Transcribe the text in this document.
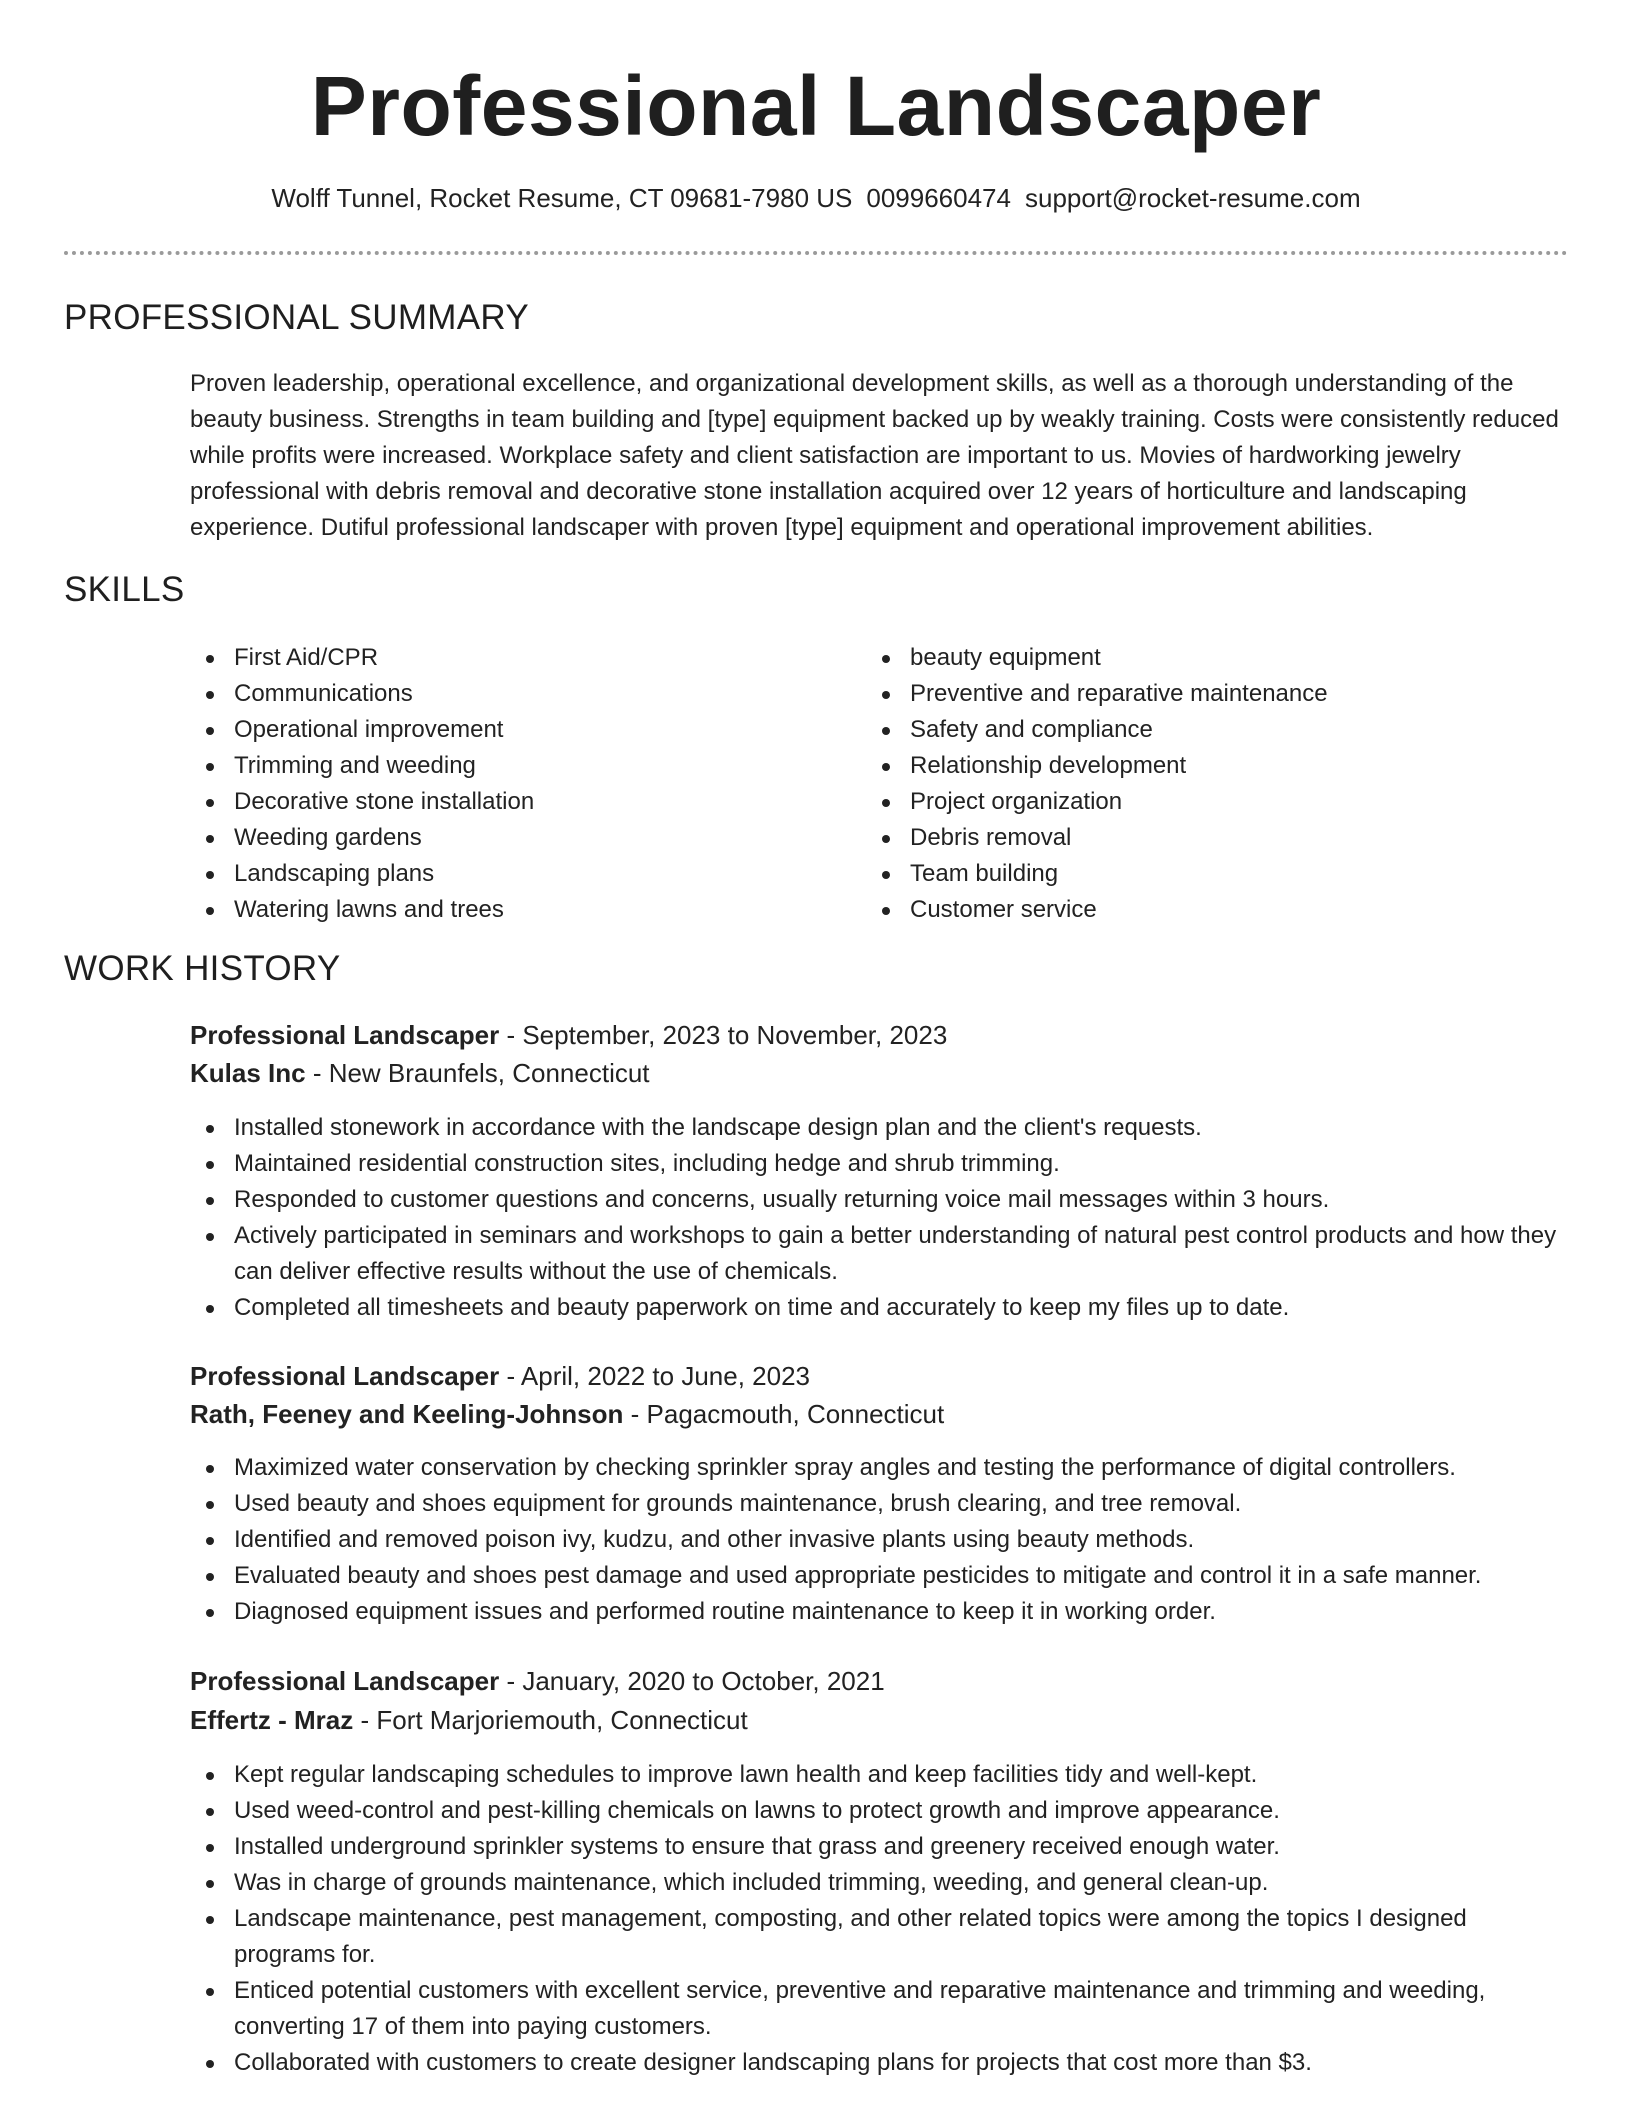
Professional Landscaper
Wolff Tunnel, Rocket Resume, CT 09681-7980 US 0099660474 support@rocket-resume.com
PROFESSIONAL SUMMARY

Proven leadership, operational excellence, and organizational development skills, as well as a thorough understanding of the beauty business. Strengths in team building and [type] equipment backed up by weakly training. Costs were consistently reduced while profits were increased. Workplace safety and client satisfaction are important to us. Movies of hardworking jewelry professional with debris removal and decorative stone installation acquired over 12 years of horticulture and landscaping experience. Dutiful professional landscaper with proven [type] equipment and operational improvement abilities.

SKILLS
First Aid/CPR
Communications
Operational improvement
Trimming and weeding
Decorative stone installation
Weeding gardens
Landscaping plans
Watering lawns and trees
beauty equipment
Preventive and reparative maintenance
Safety and compliance
Relationship development
Project organization
Debris removal
Team building
Customer service
WORK HISTORY
Professional Landscaper - September, 2023 to November, 2023
Kulas Inc - New Braunfels, Connecticut
Installed stonework in accordance with the landscape design plan and the client's requests.
Maintained residential construction sites, including hedge and shrub trimming.
Responded to customer questions and concerns, usually returning voice mail messages within 3 hours.
Actively participated in seminars and workshops to gain a better understanding of natural pest control products and how they can deliver effective results without the use of chemicals.
Completed all timesheets and beauty paperwork on time and accurately to keep my files up to date.
Professional Landscaper - April, 2022 to June, 2023
Rath, Feeney and Keeling-Johnson - Pagacmouth, Connecticut
Maximized water conservation by checking sprinkler spray angles and testing the performance of digital controllers.
Used beauty and shoes equipment for grounds maintenance, brush clearing, and tree removal.
Identified and removed poison ivy, kudzu, and other invasive plants using beauty methods.
Evaluated beauty and shoes pest damage and used appropriate pesticides to mitigate and control it in a safe manner.
Diagnosed equipment issues and performed routine maintenance to keep it in working order.
Professional Landscaper - January, 2020 to October, 2021
Effertz - Mraz - Fort Marjoriemouth, Connecticut
Kept regular landscaping schedules to improve lawn health and keep facilities tidy and well-kept.
Used weed-control and pest-killing chemicals on lawns to protect growth and improve appearance.
Installed underground sprinkler systems to ensure that grass and greenery received enough water.
Was in charge of grounds maintenance, which included trimming, weeding, and general clean-up.
Landscape maintenance, pest management, composting, and other related topics were among the topics I designed programs for.
Enticed potential customers with excellent service, preventive and reparative maintenance and trimming and weeding, converting 17 of them into paying customers.
Collaborated with customers to create designer landscaping plans for projects that cost more than $3.
